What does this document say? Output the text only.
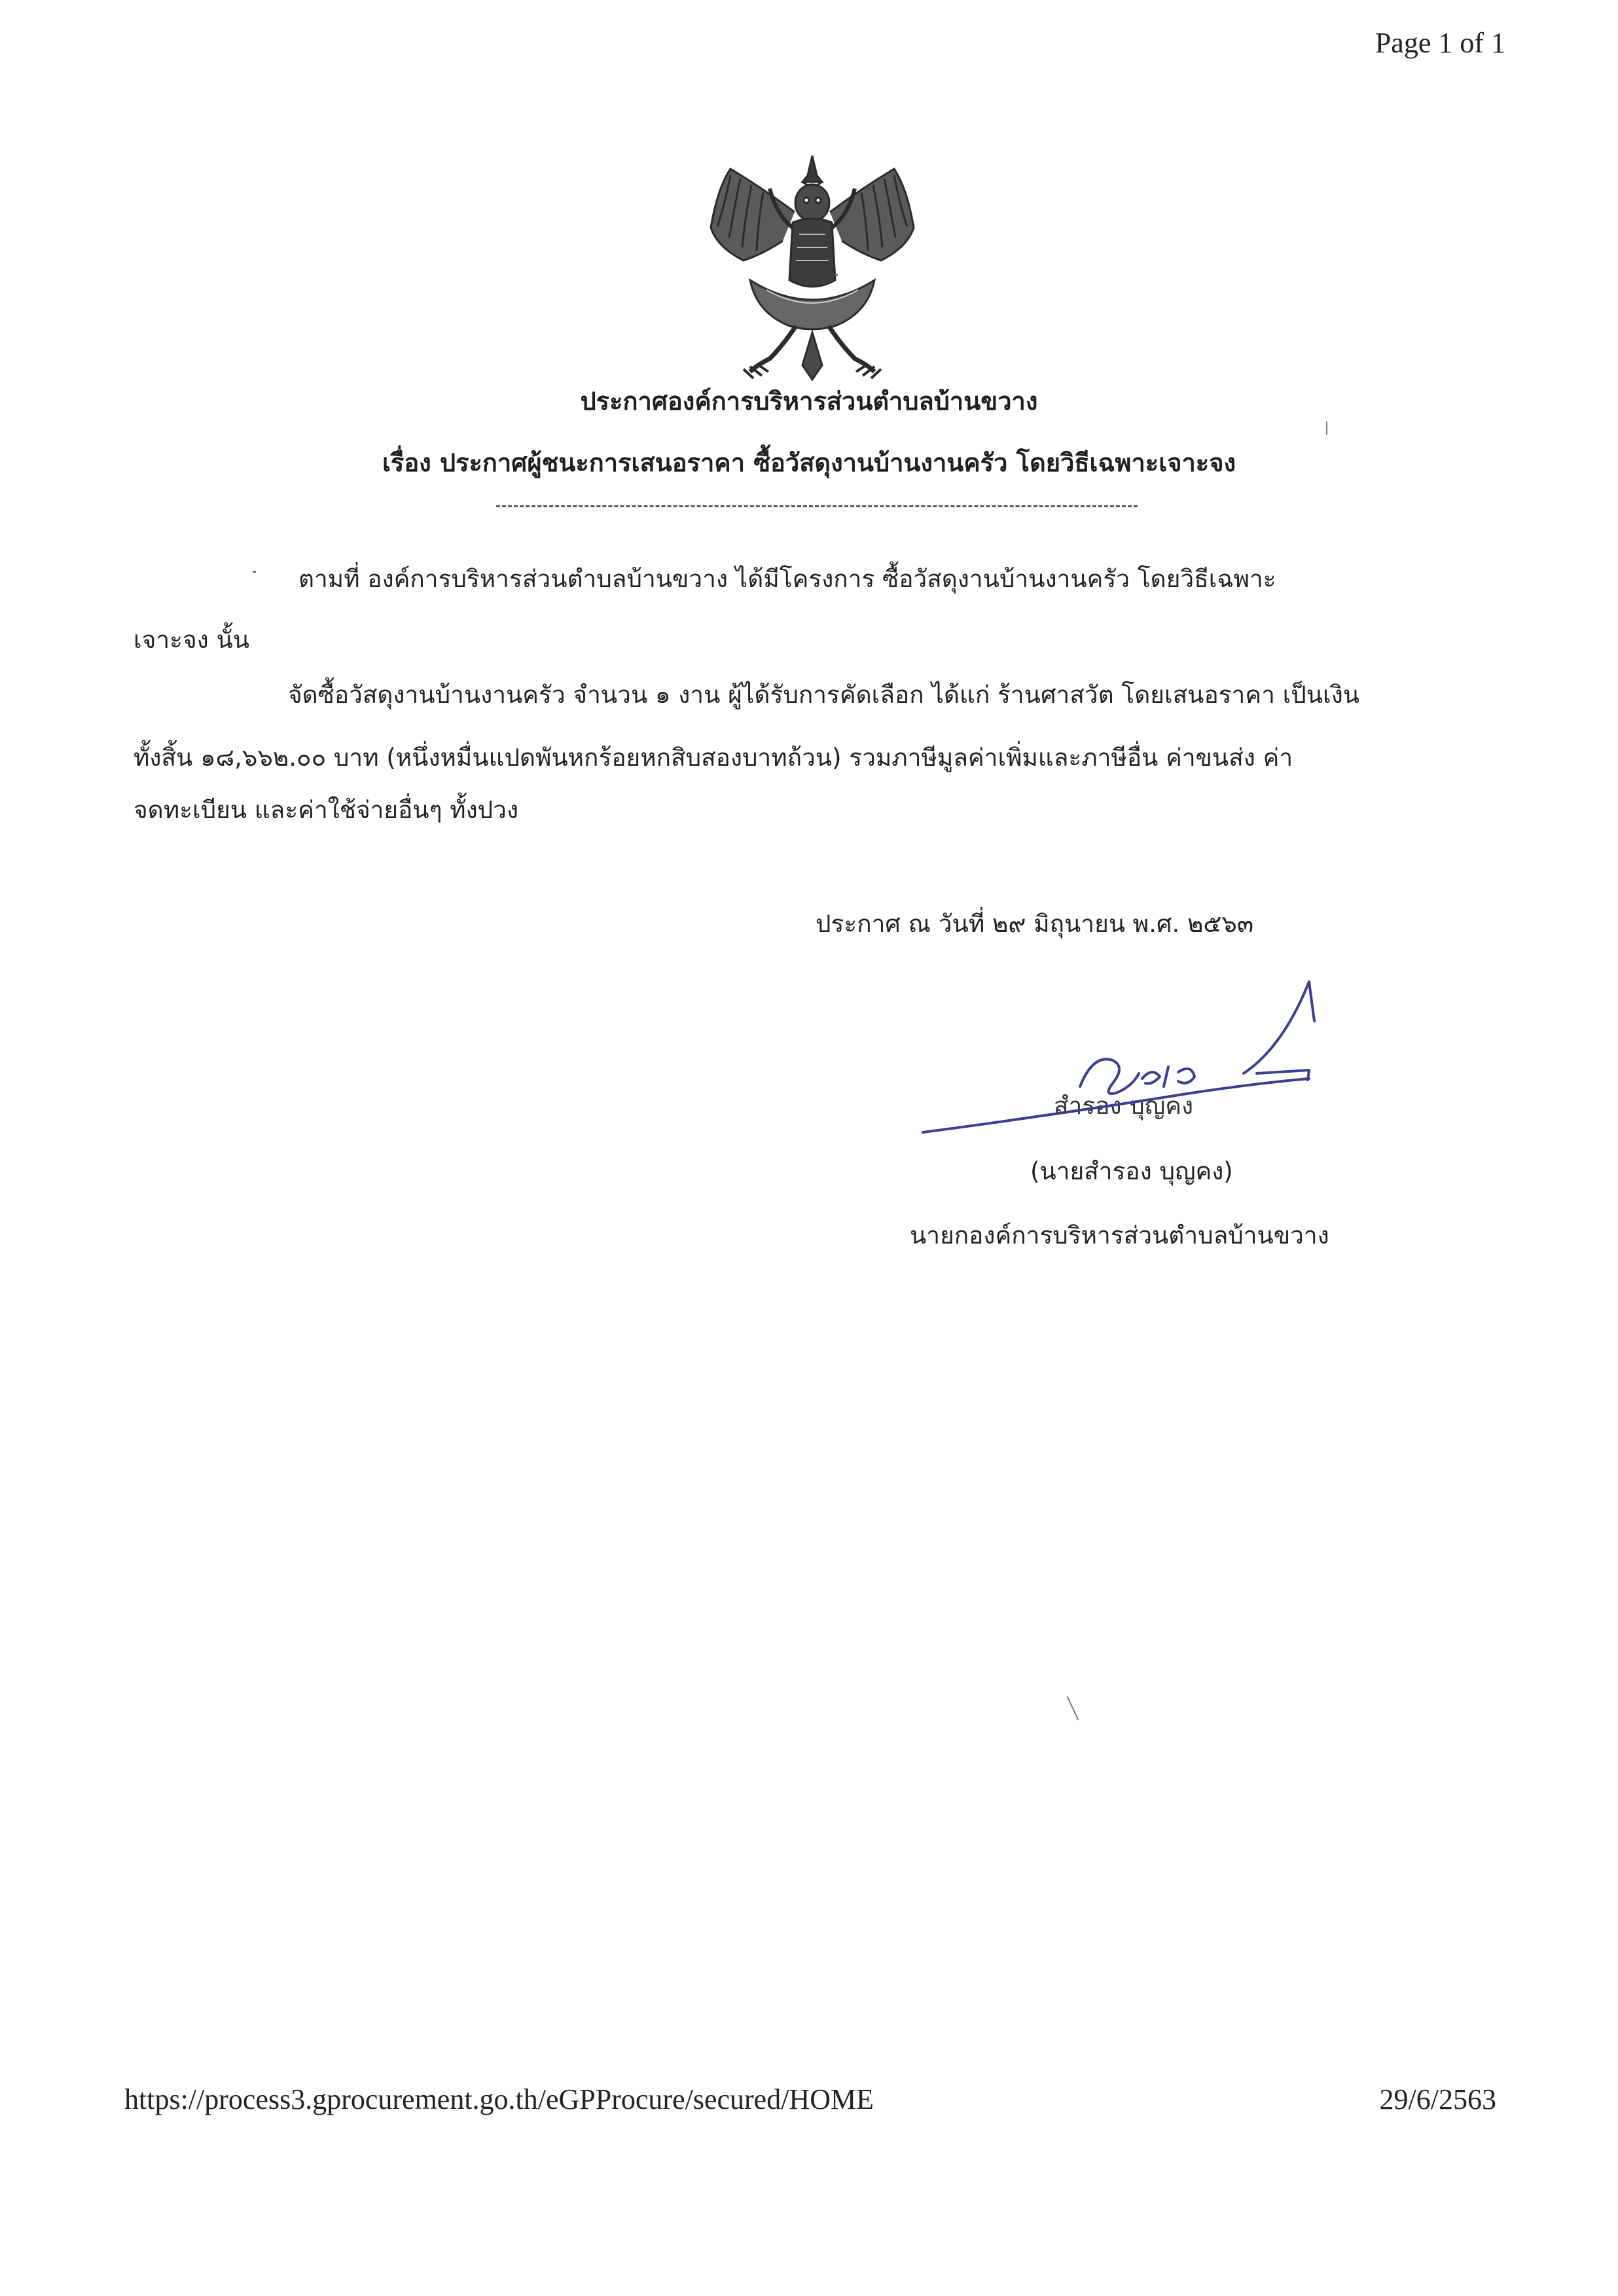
Page 1 of 1
ประกาศองค์การบริหารส่วนตำบลบ้านขวาง
เรื่อง ประกาศผู้ชนะการเสนอราคา ซื้อวัสดุงานบ้านงานครัว โดยวิธีเฉพาะเจาะจง
ตามที่ องค์การบริหารส่วนตำบลบ้านขวาง ได้มีโครงการ ซื้อวัสดุงานบ้านงานครัว โดยวิธีเฉพาะ
เจาะจง นั้น
จัดซื้อวัสดุงานบ้านงานครัว จำนวน ๑ งาน ผู้ได้รับการคัดเลือก ได้แก่ ร้านศาสวัต โดยเสนอราคา เป็นเงิน
ทั้งสิ้น ๑๘,๖๖๒.๐๐ บาท (หนึ่งหมื่นแปดพันหกร้อยหกสิบสองบาทถ้วน) รวมภาษีมูลค่าเพิ่มและภาษีอื่น ค่าขนส่ง ค่า
จดทะเบียน และค่าใช้จ่ายอื่นๆ ทั้งปวง
ประกาศ ณ วันที่ ๒๙ มิถุนายน พ.ศ. ๒๕๖๓
สำรอง บุญคง
(นายสำรอง บุญคง)
นายกองค์การบริหารส่วนตำบลบ้านขวาง
https://process3.gprocurement.go.th/eGPProcure/secured/HOME	29/6/2563
